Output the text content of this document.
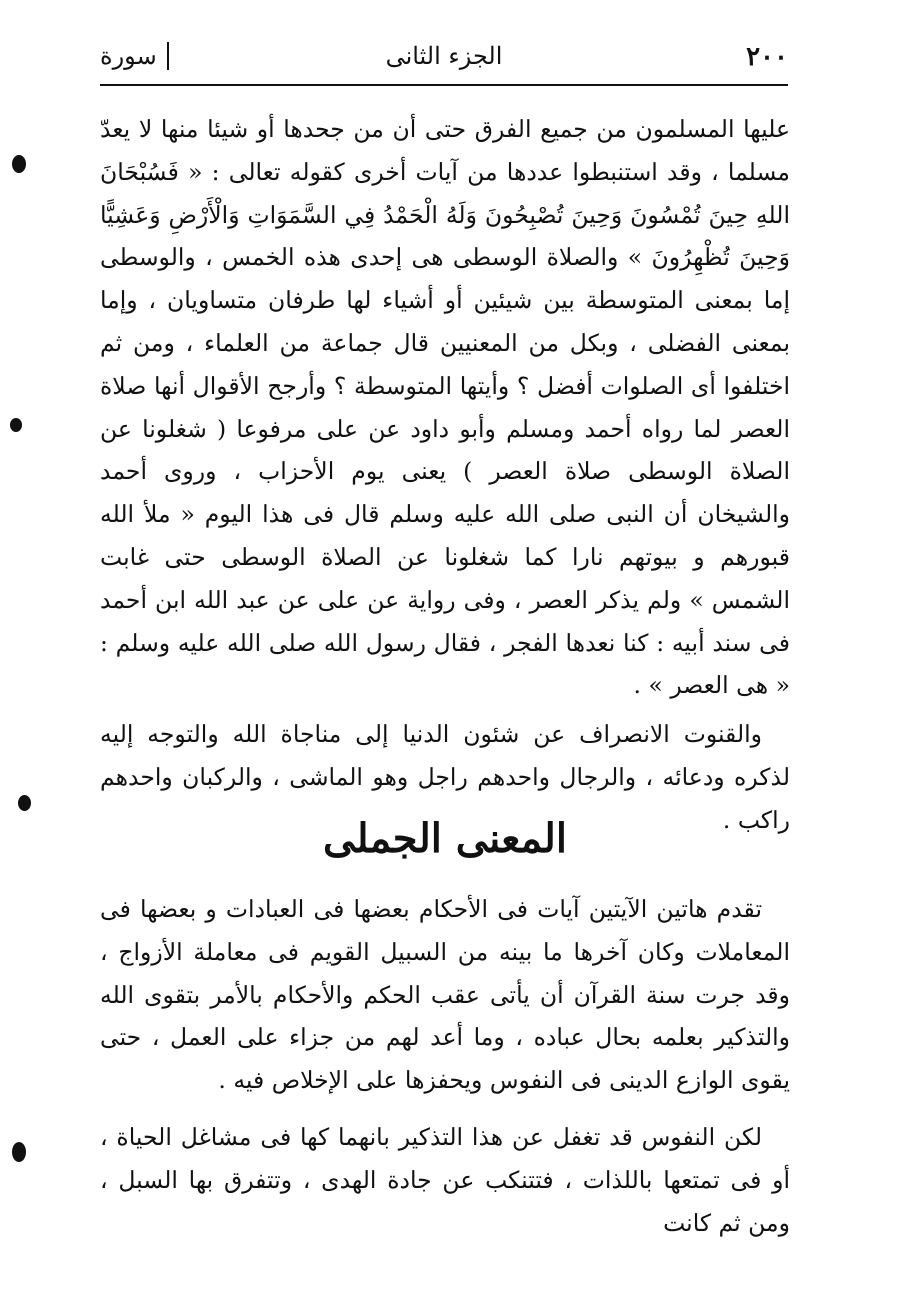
٢٠٠
الجزء الثانى
سورة

عليها المسلمون من جميع الفرق حتى أن من جحدها أو شيئا منها لا يعدّ مسلما ، وقد استنبطوا عددها من آيات أخرى كقوله تعالى : « فَسُبْحَانَ اللهِ حِينَ تُمْسُونَ وَحِينَ تُصْبِحُونَ وَلَهُ الْحَمْدُ فِي السَّمَوَاتِ وَالْأَرْضِ وَعَشِيًّا وَحِينَ تُظْهِرُونَ » والصلاة الوسطى هى إحدى هذه الخمس ، والوسطى إما بمعنى المتوسطة بين شيئين أو أشياء لها طرفان متساويان ، وإما بمعنى الفضلى ، وبكل من المعنيين قال جماعة من العلماء ، ومن ثم اختلفوا أى الصلوات أفضل ؟ وأيتها المتوسطة ؟ وأرجح الأقوال أنها صلاة العصر لما رواه أحمد ومسلم وأبو داود عن على مرفوعا ( شغلونا عن الصلاة الوسطى صلاة العصر ) يعنى يوم الأحزاب ، وروى أحمد والشيخان أن النبى صلى الله عليه وسلم قال فى هذا اليوم « ملأ الله قبورهم و بيوتهم نارا كما شغلونا عن الصلاة الوسطى حتى غابت الشمس » ولم يذكر العصر ، وفى رواية عن على عن عبد الله ابن أحمد فى سند أبيه : كنا نعدها الفجر ، فقال رسول الله صلى الله عليه وسلم : « هى العصر » .

والقنوت الانصراف عن شئون الدنيا إلى مناجاة الله والتوجه إليه لذكره ودعائه ، والرجال واحدهم راجل وهو الماشى ، والركبان واحدهم راكب .

المعنى الجملى

تقدم هاتين الآيتين آيات فى الأحكام بعضها فى العبادات و بعضها فى المعاملات وكان آخرها ما بينه من السبيل القويم فى معاملة الأزواج ، وقد جرت سنة القرآن أن يأتى عقب الحكم والأحكام بالأمر بتقوى الله والتذكير بعلمه بحال عباده ، وما أعد لهم من جزاء على العمل ، حتى يقوى الوازع الدينى فى النفوس ويحفزها على الإخلاص فيه .

لكن النفوس قد تغفل عن هذا التذكير بانهما كها فى مشاغل الحياة ، أو فى تمتعها باللذات ، فتتنكب عن جادة الهدى ، وتتفرق بها السبل ، ومن ثم كانت
